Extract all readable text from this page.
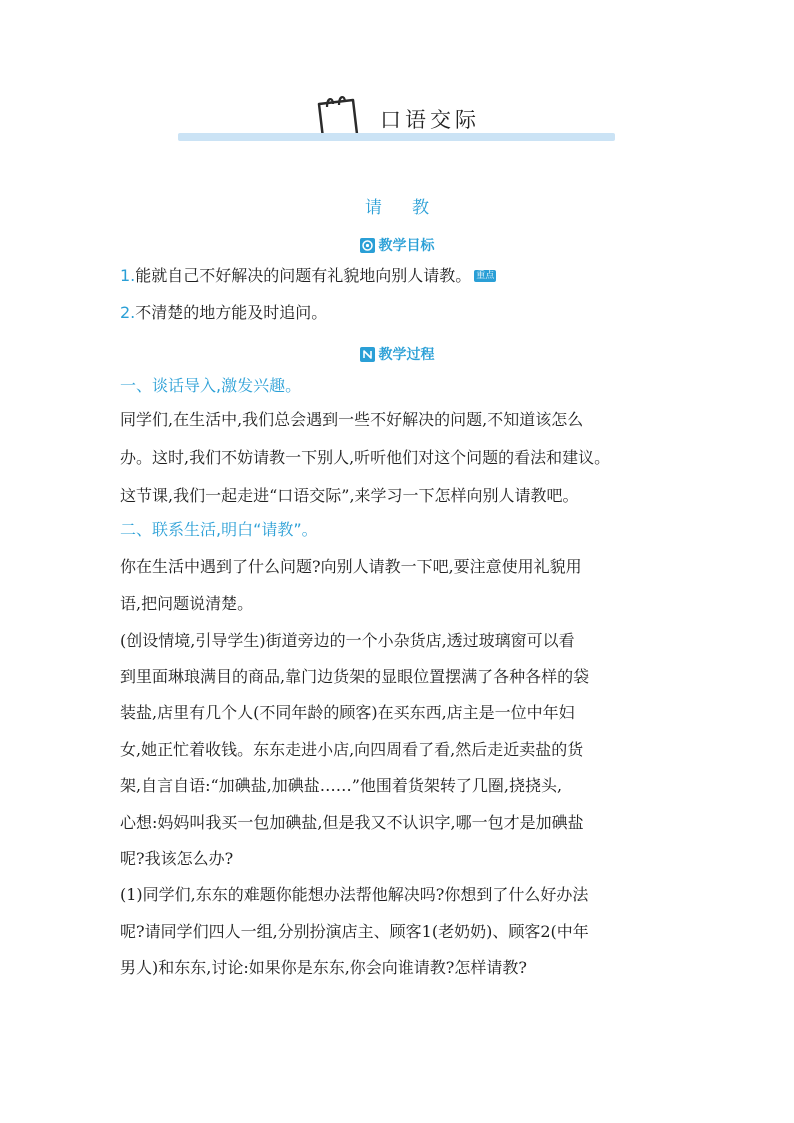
口语交际
请教
教学目标
1.能就自己不好解决的问题有礼貌地向别人请教。 重点
2.不清楚的地方能及时追问。
教学过程
一、谈话导入,激发兴趣。
同学们,在生活中,我们总会遇到一些不好解决的问题,不知道该怎么
办。这时,我们不妨请教一下别人,听听他们对这个问题的看法和建议。
这节课,我们一起走进“口语交际”,来学习一下怎样向别人请教吧。
二、联系生活,明白“请教”。
你在生活中遇到了什么问题?向别人请教一下吧,要注意使用礼貌用
语,把问题说清楚。
(创设情境,引导学生)街道旁边的一个小杂货店,透过玻璃窗可以看
到里面琳琅满目的商品,靠门边货架的显眼位置摆满了各种各样的袋
装盐,店里有几个人(不同年龄的顾客)在买东西,店主是一位中年妇
女,她正忙着收钱。东东走进小店,向四周看了看,然后走近卖盐的货
架,自言自语:“加碘盐,加碘盐……”他围着货架转了几圈,挠挠头,
心想:妈妈叫我买一包加碘盐,但是我又不认识字,哪一包才是加碘盐
呢?我该怎么办?
(1)同学们,东东的难题你能想办法帮他解决吗?你想到了什么好办法
呢?请同学们四人一组,分别扮演店主、顾客1(老奶奶)、顾客2(中年
男人)和东东,讨论:如果你是东东,你会向谁请教?怎样请教?
